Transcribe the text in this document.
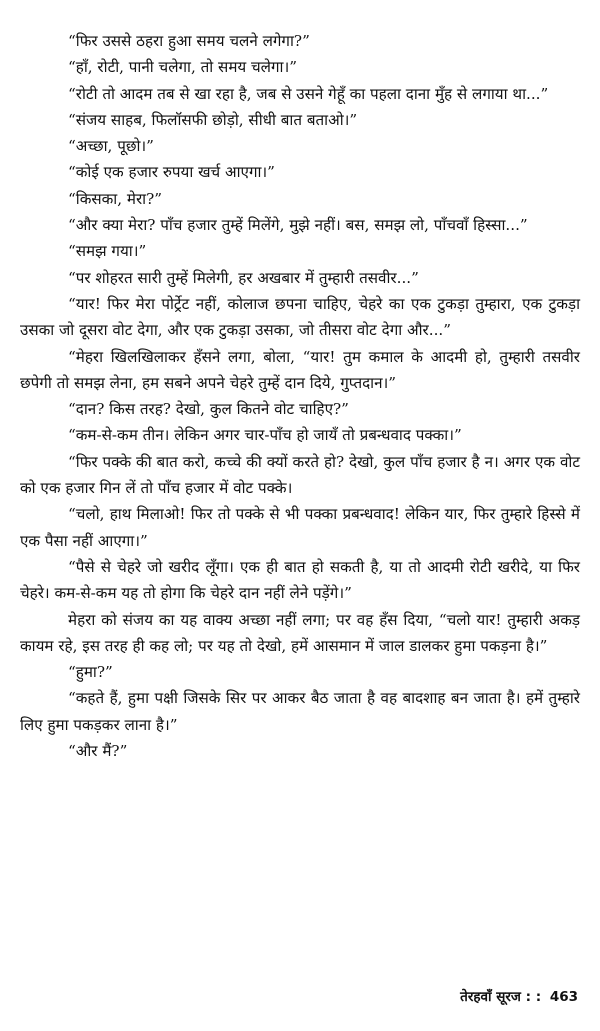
“फिर उससे ठहरा हुआ समय चलने लगेगा?”

“हाँ, रोटी, पानी चलेगा, तो समय चलेगा।”

“रोटी तो आदम तब से खा रहा है, जब से उसने गेहूँ का पहला दाना मुँह से लगाया था...”

“संजय साहब, फिलॉसफी छोड़ो, सीधी बात बताओ।”

“अच्छा, पूछो।”

“कोई एक हजार रुपया खर्च आएगा।”

“किसका, मेरा?”

“और क्या मेरा? पाँच हजार तुम्हें मिलेंगे, मुझे नहीं। बस, समझ लो, पाँचवाँ हिस्सा...”

“समझ गया।”

“पर शोहरत सारी तुम्हें मिलेगी, हर अखबार में तुम्हारी तसवीर...”

“यार! फिर मेरा पोर्ट्रेट नहीं, कोलाज छपना चाहिए, चेहरे का एक टुकड़ा तुम्हारा, एक टुकड़ा उसका जो दूसरा वोट देगा, और एक टुकड़ा उसका, जो तीसरा वोट देगा और...”

“मेहरा खिलखिलाकर हँसने लगा, बोला, “यार! तुम कमाल के आदमी हो, तुम्हारी तसवीर छपेगी तो समझ लेना, हम सबने अपने चेहरे तुम्हें दान दिये, गुप्तदान।”

“दान? किस तरह? देखो, कुल कितने वोट चाहिए?”

“कम-से-कम तीन। लेकिन अगर चार-पाँच हो जायँ तो प्रबन्धवाद पक्का।”

“फिर पक्के की बात करो, कच्चे की क्यों करते हो? देखो, कुल पाँच हजार है न। अगर एक वोट को एक हजार गिन लें तो पाँच हजार में वोट पक्के।

“चलो, हाथ मिलाओ! फिर तो पक्के से भी पक्का प्रबन्धवाद! लेकिन यार, फिर तुम्हारे हिस्से में एक पैसा नहीं आएगा।”

“पैसे से चेहरे जो खरीद लूँगा। एक ही बात हो सकती है, या तो आदमी रोटी खरीदे, या फिर चेहरे। कम-से-कम यह तो होगा कि चेहरे दान नहीं लेने पड़ेंगे।”

मेहरा को संजय का यह वाक्य अच्छा नहीं लगा; पर वह हँस दिया, “चलो यार! तुम्हारी अकड़ कायम रहे, इस तरह ही कह लो; पर यह तो देखो, हमें आसमान में जाल डालकर हुमा पकड़ना है।”

“हुमा?”

“कहते हैं, हुमा पक्षी जिसके सिर पर आकर बैठ जाता है वह बादशाह बन जाता है। हमें तुम्हारे लिए हुमा पकड़कर लाना है।”

“और मैं?”

तेरहवाँ सूरज : : 463
